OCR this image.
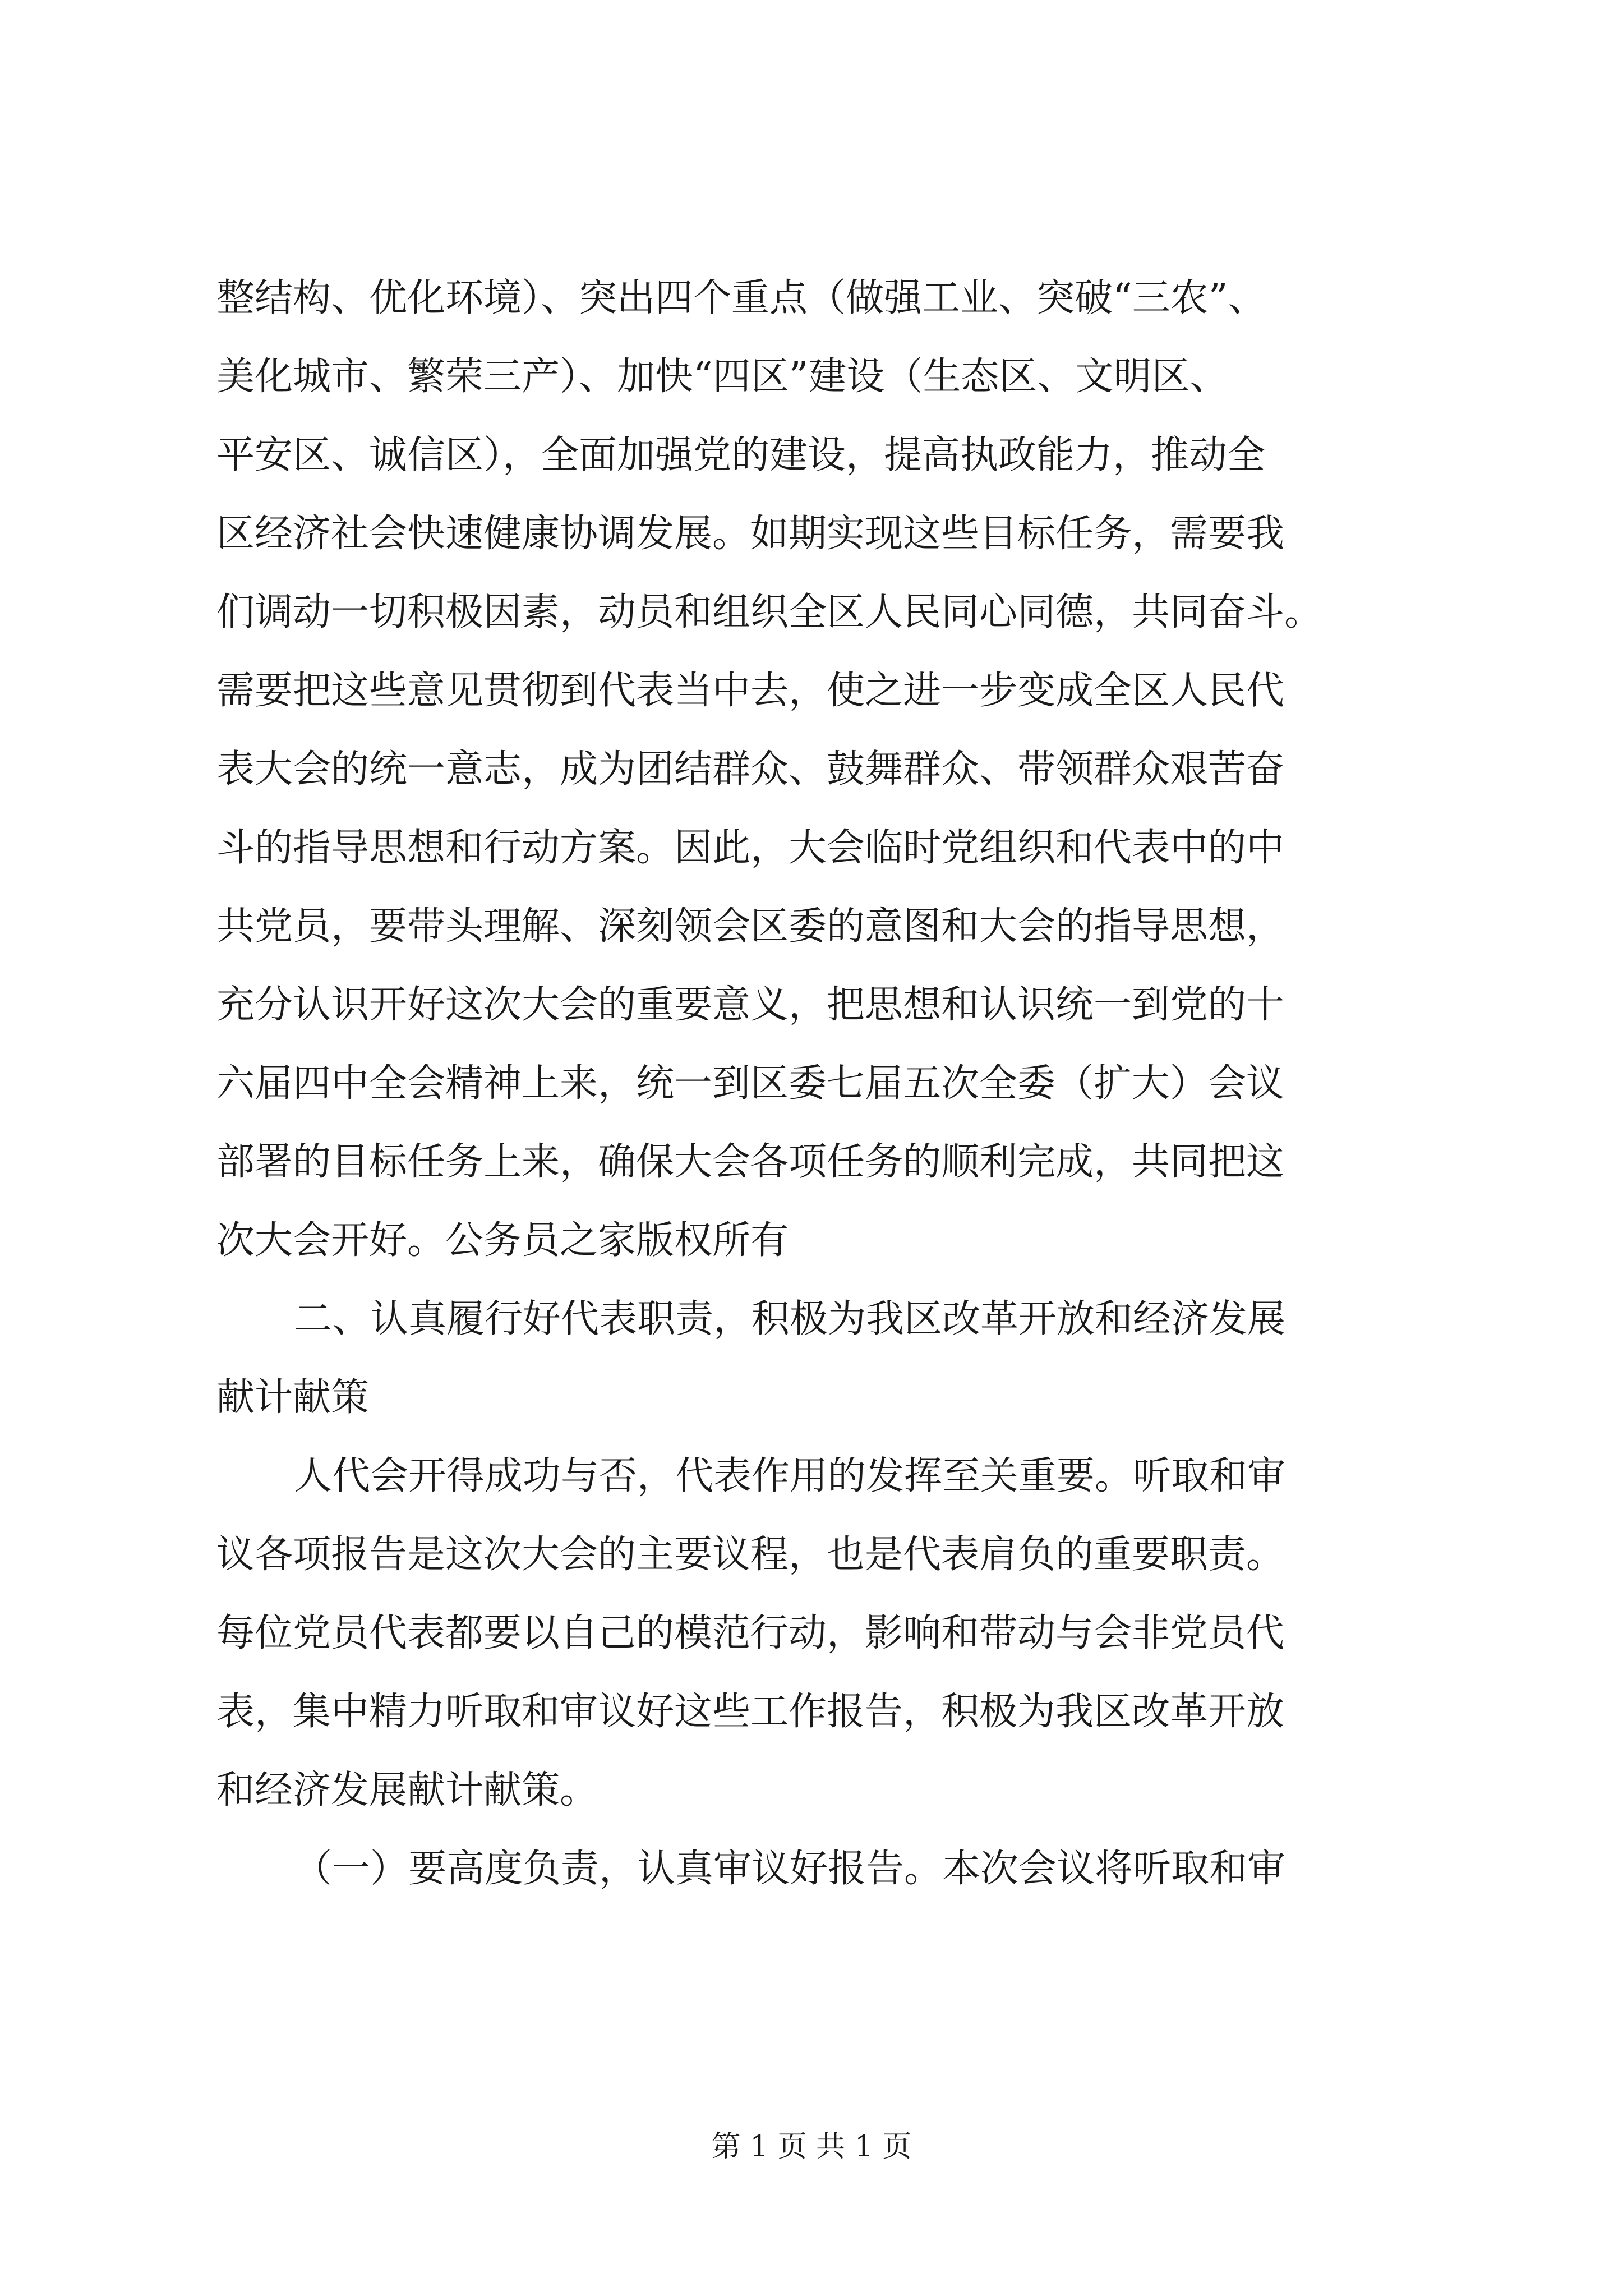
整结构、优化环境）、突出四个重点（做强工业、突破“三农”、
美化城市、繁荣三产）、加快“四区”建设（生态区、文明区、
平安区、诚信区），全面加强党的建设，提高执政能力，推动全
区经济社会快速健康协调发展。如期实现这些目标任务，需要我
们调动一切积极因素，动员和组织全区人民同心同德，共同奋斗。
需要把这些意见贯彻到代表当中去，使之进一步变成全区人民代
表大会的统一意志，成为团结群众、鼓舞群众、带领群众艰苦奋
斗的指导思想和行动方案。因此，大会临时党组织和代表中的中
共党员，要带头理解、深刻领会区委的意图和大会的指导思想，
充分认识开好这次大会的重要意义，把思想和认识统一到党的十
六届四中全会精神上来，统一到区委七届五次全委（扩大）会议
部署的目标任务上来，确保大会各项任务的顺利完成，共同把这
次大会开好。公务员之家版权所有
二、认真履行好代表职责，积极为我区改革开放和经济发展
献计献策
人代会开得成功与否，代表作用的发挥至关重要。听取和审
议各项报告是这次大会的主要议程，也是代表肩负的重要职责。
每位党员代表都要以自己的模范行动，影响和带动与会非党员代
表，集中精力听取和审议好这些工作报告，积极为我区改革开放
和经济发展献计献策。
（一）要高度负责，认真审议好报告。本次会议将听取和审
第 1 页 共 1 页
